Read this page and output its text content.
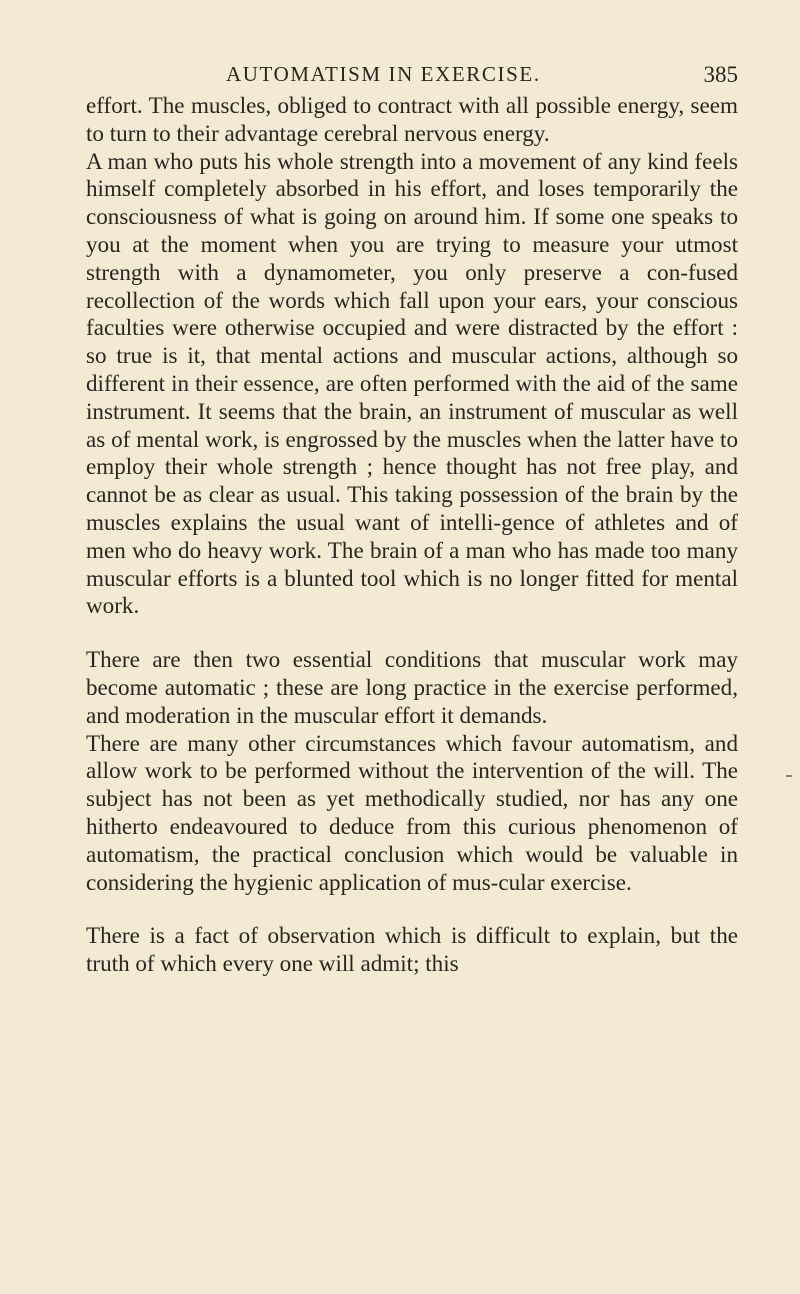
AUTOMATISM IN EXERCISE.	385

effort. The muscles, obliged to contract with all possible energy, seem to turn to their advantage cerebral nervous energy.

A man who puts his whole strength into a movement of any kind feels himself completely absorbed in his effort, and loses temporarily the consciousness of what is going on around him. If some one speaks to you at the moment when you are trying to measure your utmost strength with a dynamometer, you only preserve a con-fused recollection of the words which fall upon your ears, your conscious faculties were otherwise occupied and were distracted by the effort : so true is it, that mental actions and muscular actions, although so different in their essence, are often performed with the aid of the same instrument. It seems that the brain, an instrument of muscular as well as of mental work, is engrossed by the muscles when the latter have to employ their whole strength ; hence thought has not free play, and cannot be as clear as usual. This taking possession of the brain by the muscles explains the usual want of intelli-gence of athletes and of men who do heavy work. The brain of a man who has made too many muscular efforts is a blunted tool which is no longer fitted for mental work.

There are then two essential conditions that muscular work may become automatic ; these are long practice in the exercise performed, and moderation in the muscular effort it demands.

There are many other circumstances which favour automatism, and allow work to be performed without the intervention of the will. The subject has not been as yet methodically studied, nor has any one hitherto endeavoured to deduce from this curious phenomenon of automatism, the practical conclusion which would be valuable in considering the hygienic application of mus-cular exercise.

There is a fact of observation which is difficult to explain, but the truth of which every one will admit; this
